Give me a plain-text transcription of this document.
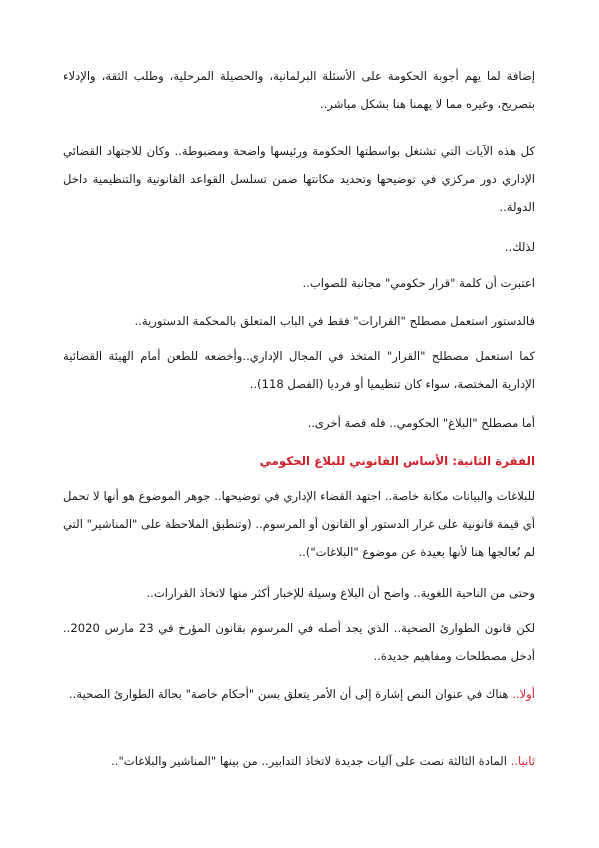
إضافة لما يهم أجوبة الحكومة على الأسئلة البرلمانية، والحصيلة المرحلية، وطلب الثقة، والإدلاء بتصريح، وغيره مما لا يهمنا هنا بشكل مباشر..

كل هذه الآيات التي تشتغل بواسطتها الحكومة ورئيسها واضحة ومضبوطة.. وكان للاجتهاد القضائي الإداري دور مركزي في توضيحها وتحديد مكانتها ضمن تسلسل القواعد القانونية والتنظيمية داخل الدولة..

لذلك..

اعتبرت أن كلمة "قرار حكومي" مجانبة للصواب..

فالدستور استعمل مصطلح "القرارات" فقط في الباب المتعلق بالمحكمة الدستورية..

كما استعمل مصطلح "القرار" المتخذ في المجال الإداري..وأخضعه للطعن أمام الهيئة القضائية الإدارية المختصة، سواء كان تنظيميا أو فرديا (الفصل 118)..

أما مصطلح "البلاغ" الحكومي.. فله قصة أخرى..

الفقرة الثانية: الأساس القانوني للبلاغ الحكومي

للبلاغات والبيانات مكانة خاصة.. اجتهد القضاء الإداري في توضيحها.. جوهر الموضوع هو أنها لا تحمل أي قيمة قانونية على غرار الدستور أو القانون أو المرسوم.. (وتنطبق الملاحظة على "المناشير" التي لم نُعالجها هنا لأنها بعيدة عن موضوع "البلاغات")..

وحتى من الناحية اللغوية.. واضح أن البلاغ وسيلة للإخبار أكثر منها لاتخاذ القرارات..

لكن قانون الطوارئ الصحية.. الذي يجد أصله في المرسوم بقانون المؤرخ في 23 مارس 2020.. أدخل مصطلحات ومفاهيم جديدة..

أولا.. هناك في عنوان النص إشارة إلى أن الأمر يتعلق بسن "أحكام خاصة" بحالة الطوارئ الصحية..

ثانيا.. المادة الثالثة نصت على آليات جديدة لاتخاذ التدابير.. من بينها "المناشير والبلاغات"..
